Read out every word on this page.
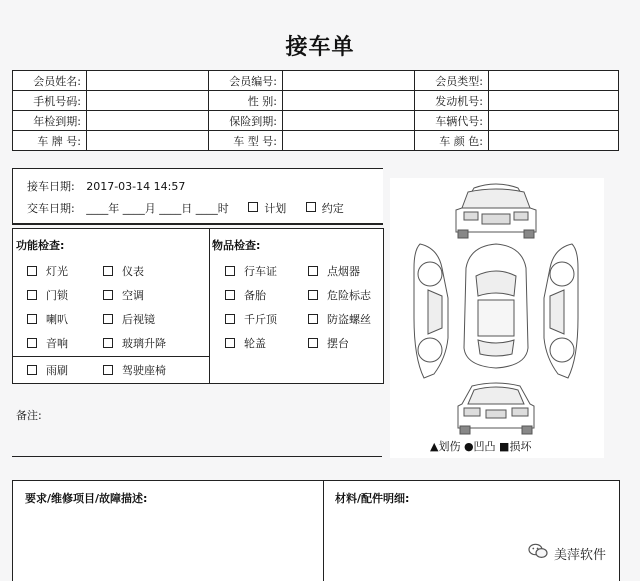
接车单
会员姓名:		会员编号:		会员类型:	
手机号码:		性 别:		发动机号:	
年检到期:		保险到期:		车辆代号:	
车 牌 号:		车 型 号:		车 颜 色:	
接车日期: 2017-03-14 14:57
交车日期: ____年 ____月 ____日 ____时	计划	约定
功能检查:	物品检查:
灯光	仪表
门锁	空调
喇叭	后视镜
音响	玻璃升降
雨刷	驾驶座椅
行车证	点烟器
备胎	危险标志
千斤顶	防盗螺丝
轮盖	摆台
备注:
▲划伤 ●凹凸 ■损坏
要求/维修项目/故障描述:	材料/配件明细:
美萍软件
